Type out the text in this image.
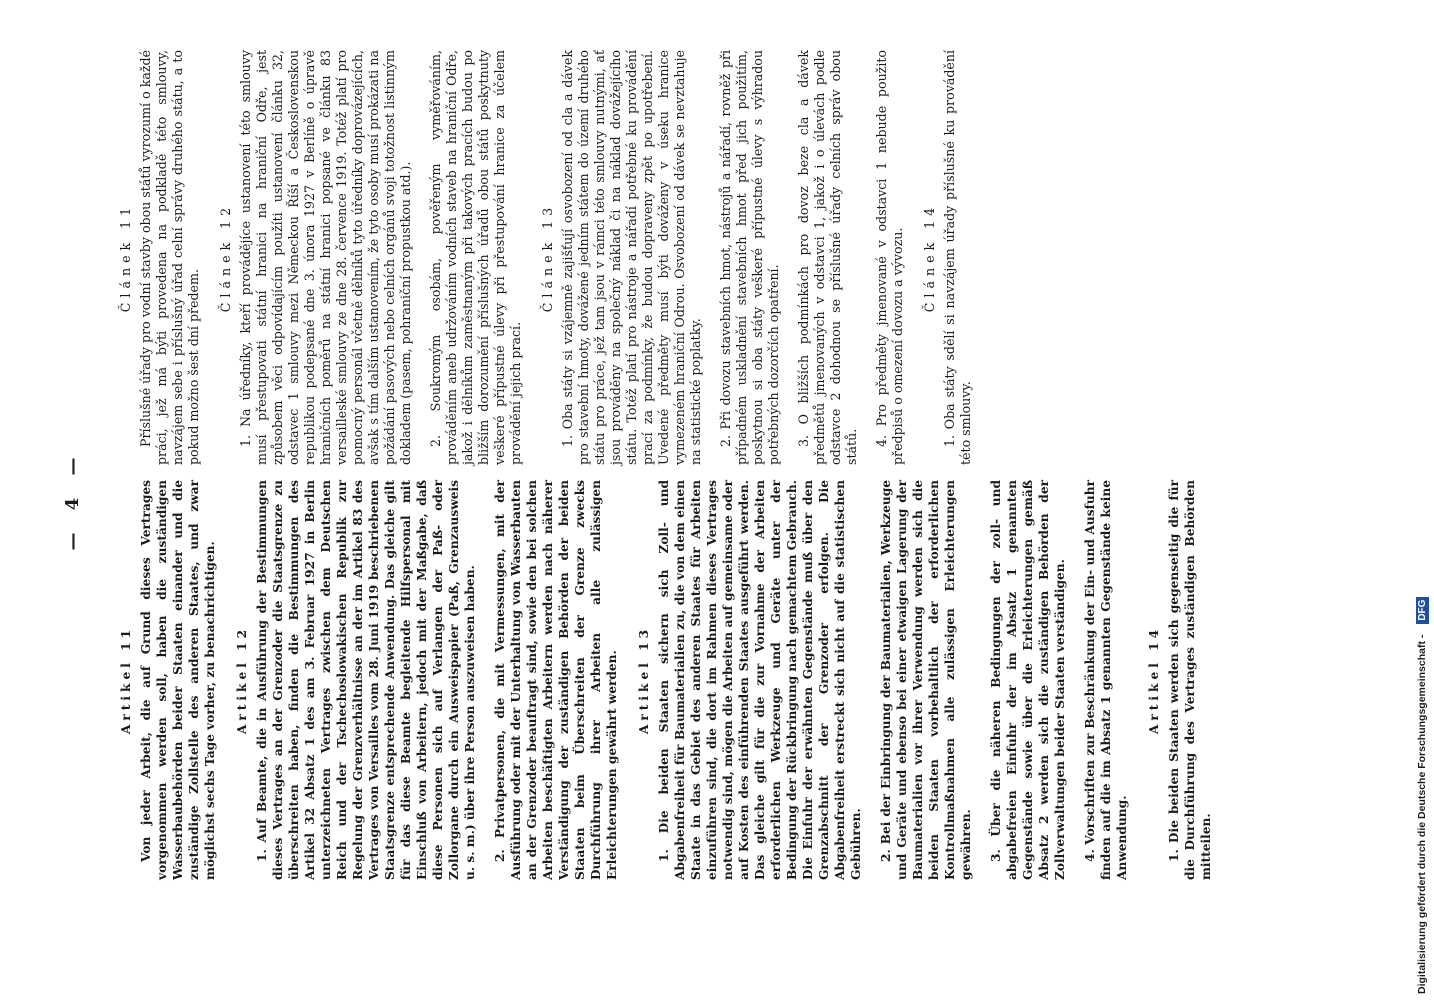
— 4 —
Artikel 11 Von jeder Arbeit, die auf Grund dieses Vertrages vorgenommen werden soll, haben die zuständigen Wasserbaubehörden beider Staaten einander und die zuständige Zollstelle des anderen Staates, und zwar möglichst sechs Tage vorher, zu benachrichtigen. Artikel 12 1. Auf Beamte, die in Ausführung der Bestimmungen dieses Vertrages an der Grenzoder die Staatsgrenze zu überschreiten haben, finden die Bestimmungen des Artikel 32 Absatz 1 des am 3. Februar 1927 in Berlin unterzeichneten Vertrages zwischen dem Deutschen Reich und der Tschechoslowakischen Republik zur Regelung der Grenzverhältnisse an der im Artikel 83 des Vertrages von Versailles vom 28. Juni 1919 beschriebenen Staatsgrenze entsprechende Anwendung. Das gleiche gilt für das diese Beamte begleitende Hilfspersonal mit Einschluß von Arbeitern, jedoch mit der Maßgabe, daß diese Personen sich auf Verlangen der Paß- oder Zollorgane durch ein Ausweispapier (Paß, Grenzausweis u. s. m.) über ihre Person auszuweisen haben. 2. Privatpersonen, die mit Vermessungen, mit der Ausführung oder mit der Unterhaltung von Wasserbauten an der Grenzoder beauftragt sind, sowie den bei solchen Arbeiten beschäftigten Arbeitern werden nach näherer Verständigung der zuständigen Behörden der beiden Staaten beim Überschreiten der Grenze zwecks Durchführung ihrer Arbeiten alle zulässigen Erleichterungen gewährt werden. Artikel 13 1. Die beiden Staaten sichern sich Zoll- und Abgabenfreiheit für Baumaterialien zu, die von dem einen Staate in das Gebiet des anderen Staates für Arbeiten einzuführen sind, die dort im Rahmen dieses Vertrages notwendig sind, mögen die Arbeiten auf gemeinsame oder auf Kosten des einführenden Staates ausgeführt werden. Das gleiche gilt für die zur Vornahme der Arbeiten erforderlichen Werkzeuge und Geräte unter der Bedingung der Rückbringung nach gemachtem Gebrauch. Die Einfuhr der erwähnten Gegenstände muß über den Grenzabschnitt der Grenzoder erfolgen. Die Abgabenfreiheit erstreckt sich nicht auf die statistischen Gebühren. 2. Bei der Einbringung der Baumaterialien, Werkzeuge und Geräte und ebenso bei einer etwaigen Lagerung der Baumaterialien vor ihrer Verwendung werden sich die beiden Staaten vorbehaltlich der erforderlichen Kontrollmaßnahmen alle zulässigen Erleichterungen gewähren. 3. Über die näheren Bedingungen der zoll- und abgabefreien Einfuhr der im Absatz 1 genannten Gegenstände sowie über die Erleichterungen gemäß Absatz 2 werden sich die zuständigen Behörden der Zollverwaltungen beider Staaten verständigen. 4. Vorschriften zur Beschränkung der Ein- und Ausfuhr finden auf die im Absatz 1 genannten Gegenstände keine Anwendung.
Artikel 14 1. Die beiden Staaten werden sich gegenseitig die für die Durchführung des Vertrages zuständigen Behörden mitteilen.
Článek 11 Příslušné úřady pro vodní stavby obou států vyrozumí o každé práci, jež má býti provedena na podkladě této smlouvy, navzájem sebe i příslušný úřad celní správy druhého státu, a to pokud možno šest dní předem.
Článek 12 1. Na úředníky, kteří provádějíce ustanovení této smlouvy musí přestupovati státní hranici na hraniční Odře, jest způsobem věci odpovídajícím použíti ustanovení článku 32, odstavec 1 smlouvy mezi Německou Říší a Československou republikou podepsané dne 3. února 1927 v Berlíně o úpravě hraničních poměrů na státní hranici popsané ve článku 83 versailleské smlouvy ze dne 28. července 1919. Totéž platí pro pomocný personál včetně dělníků tyto úředníky doprovázejících, avšak s tím dalším ustanovením, že tyto osoby musí prokázati na požádání pasových nebo celních orgánů svoji totožnost listinným dokladem (pasem, pohraniční propustkou atd.). 2. Soukromým osobám, pověřeným vyměřováním, prováděním aneb udržováním vodních staveb na hraniční Odře, jakož i dělníkům zaměstnaným při takových pracích budou po bližším dorozumění příslušných úřadů obou států poskytnuty veškeré přípustné úlevy při přestupování hranice za účelem provádění jejich prací.
Článek 13 1. Oba státy si vzájemně zajišťují osvobození od cla a dávek pro stavební hmoty, dovážené jedním státem do území druhého státu pro práce, jež tam jsou v rámci této smlouvy nutnými, ať jsou prováděny na společný náklad či na náklad dovážejícího státu. Totéž platí pro nástroje a nářadí potřebné ku provádění prací za podmínky, že budou dopraveny zpět po upotřebení. Uvedené předměty musí býti dováženy v úseku hranice vymezeném hraniční Odrou. Osvobození od dávek se nevztahuje na statistické poplatky. 2. Při dovozu stavebních hmot, nástrojů a nářadí, rovněž při případném uskladnění stavebních hmot před jich použitím, poskytnou si oba státy veškeré přípustné úlevy s výhradou potřebných dozorčích opatření. 3. O bližších podmínkách pro dovoz beze cla a dávek předmětů jmenovaných v odstavci 1, jakož i o úlevách podle odstavce 2 dohodnou se příslušné úřady celních správ obou států. 4. Pro předměty jmenované v odstavci 1 nebude použito předpisů o omezení dovozu a vývozu. Článek 14 1. Oba státy sdělí si navzájem úřady příslušné ku provádění této smlouvy.
Digitalisierung gefördert durch die Deutsche Forschungsgemeinschaft - DFG
